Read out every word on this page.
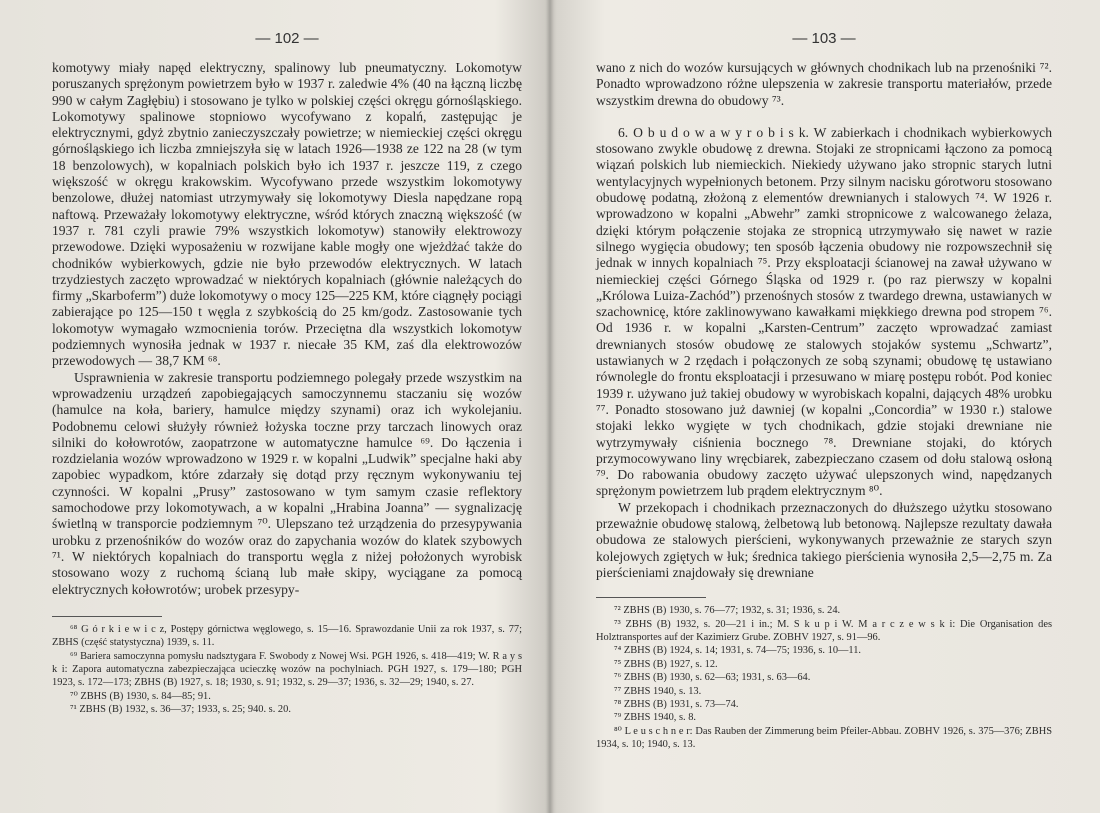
— 102 —

komotywy miały napęd elektryczny, spalinowy lub pneumatyczny. Lokomotyw poruszanych sprężonym powietrzem było w 1937 r. zaledwie 4% (40 na łączną liczbę 990 w całym Zagłębiu) i stosowano je tylko w polskiej części okręgu górnośląskiego. Lokomotywy spalinowe stopniowo wycofywano z kopalń, zastępując je elektrycznymi, gdyż zbytnio zanieczyszczały powietrze; w niemieckiej części okręgu górnośląskiego ich liczba zmniejszyła się w latach 1926—1938 ze 122 na 28 (w tym 18 benzolowych), w kopalniach polskich było ich 1937 r. jeszcze 119, z czego większość w okręgu krakowskim. Wycofywano przede wszystkim lokomotywy benzolowe, dłużej natomiast utrzymywały się lokomotywy Diesla napędzane ropą naftową. Przeważały lokomotywy elektryczne, wśród których znaczną większość (w 1937 r. 781 czyli prawie 79% wszystkich lokomotyw) stanowiły elektrowozy przewodowe. Dzięki wyposażeniu w rozwijane kable mogły one wjeżdżać także do chodników wybierkowych, gdzie nie było przewodów elektrycznych. W latach trzydziestych zaczęto wprowadzać w niektórych kopalniach (głównie należących do firmy „Skarboferm”) duże lokomotywy o mocy 125—225 KM, które ciągnęły pociągi zabierające po 125—150 t węgla z szybkością do 25 km/godz. Zastosowanie tych lokomotyw wymagało wzmocnienia torów. Przeciętna dla wszystkich lokomotyw podziemnych wynosiła jednak w 1937 r. niecałe 35 KM, zaś dla elektrowozów przewodowych — 38,7 KM ⁶⁸.

Usprawnienia w zakresie transportu podziemnego polegały przede wszystkim na wprowadzeniu urządzeń zapobiegających samoczynnemu staczaniu się wozów (hamulce na koła, bariery, hamulce między szynami) oraz ich wykolejaniu. Podobnemu celowi służyły również łożyska toczne przy tarczach linowych oraz silniki do kołowrotów, zaopatrzone w automatyczne hamulce ⁶⁹. Do łączenia i rozdzielania wozów wprowadzono w 1929 r. w kopalni „Ludwik” specjalne haki aby zapobiec wypadkom, które zdarzały się dotąd przy ręcznym wykonywaniu tej czynności. W kopalni „Prusy” zastosowano w tym samym czasie reflektory samochodowe przy lokomotywach, a w kopalni „Hrabina Joanna” — sygnalizację świetlną w transporcie podziemnym ⁷⁰. Ulepszano też urządzenia do przesypywania urobku z przenośników do wozów oraz do zapychania wozów do klatek szybowych ⁷¹. W niektórych kopalniach do transportu węgla z niżej położonych wyrobisk stosowano wozy z ruchomą ścianą lub małe skipy, wyciągane za pomocą elektrycznych kołowrotów; urobek przesypy-

⁶⁸ G ó r k i e w i c z, Postępy górnictwa węglowego, s. 15—16. Sprawozdanie Unii za rok 1937, s. 77; ZBHS (część statystyczna) 1939, s. 11.
⁶⁹ Bariera samoczynna pomysłu nadsztygara F. Swobody z Nowej Wsi. PGH 1926, s. 418—419; W. R a y s k i: Zapora automatyczna zabezpieczająca ucieczkę wozów na pochylniach. PGH 1927, s. 179—180; PGH 1923, s. 172—173; ZBHS (B) 1927, s. 18; 1930, s. 91; 1932, s. 29—37; 1936, s. 32—29; 1940, s. 27.
⁷⁰ ZBHS (B) 1930, s. 84—85; 91.
⁷¹ ZBHS (B) 1932, s. 36—37; 1933, s. 25; 940. s. 20.
— 103 —

wano z nich do wozów kursujących w głównych chodnikach lub na przenośniki ⁷². Ponadto wprowadzono różne ulepszenia w zakresie transportu materiałów, przede wszystkim drewna do obudowy ⁷³.

6. O b u d o w a w y r o b i s k. W zabierkach i chodnikach wybierkowych stosowano zwykle obudowę z drewna. Stojaki ze stropnicami łączono za pomocą wiązań polskich lub niemieckich. Niekiedy używano jako stropnic starych lutni wentylacyjnych wypełnionych betonem. Przy silnym nacisku górotworu stosowano obudowę podatną, złożoną z elementów drewnianych i stalowych ⁷⁴. W 1926 r. wprowadzono w kopalni „Abwehr” zamki stropnicowe z walcowanego żelaza, dzięki którym połączenie stojaka ze stropnicą utrzymywało się nawet w razie silnego wygięcia obudowy; ten sposób łączenia obudowy nie rozpowszechnił się jednak w innych kopalniach ⁷⁵. Przy eksploatacji ścianowej na zawał używano w niemieckiej części Górnego Śląska od 1929 r. (po raz pierwszy w kopalni „Królowa Luiza-Zachód”) przenośnych stosów z twardego drewna, ustawianych w szachownicę, które zaklinowywano kawałkami miękkiego drewna pod stropem ⁷⁶. Od 1936 r. w kopalni „Karsten-Centrum” zaczęto wprowadzać zamiast drewnianych stosów obudowę ze stalowych stojaków systemu „Schwartz”, ustawianych w 2 rzędach i połączonych ze sobą szynami; obudowę tę ustawiano równolegle do frontu eksploatacji i przesuwano w miarę postępu robót. Pod koniec 1939 r. używano już takiej obudowy w wyrobiskach kopalni, dających 48% urobku ⁷⁷. Ponadto stosowano już dawniej (w kopalni „Concordia” w 1930 r.) stalowe stojaki lekko wygięte w tych chodnikach, gdzie stojaki drewniane nie wytrzymywały ciśnienia bocznego ⁷⁸. Drewniane stojaki, do których przymocowywano liny wręcbiarek, zabezpieczano czasem od dołu stalową osłoną ⁷⁹. Do rabowania obudowy zaczęto używać ulepszonych wind, napędzanych sprężonym powietrzem lub prądem elektrycznym ⁸⁰.

W przekopach i chodnikach przeznaczonych do dłuższego użytku stosowano przeważnie obudowę stalową, żelbetową lub betonową. Najlepsze rezultaty dawała obudowa ze stalowych pierścieni, wykonywanych przeważnie ze starych szyn kolejowych zgiętych w łuk; średnica takiego pierścienia wynosiła 2,5—2,75 m. Za pierścieniami znajdowały się drewniane

⁷² ZBHS (B) 1930, s. 76—77; 1932, s. 31; 1936, s. 24.
⁷³ ZBHS (B) 1932, s. 20—21 i in.; M. S k u p i W. M a r c z e w s k i: Die Organisation des Holztransportes auf der Kazimierz Grube. ZOBHV 1927, s. 91—96.
⁷⁴ ZBHS (B) 1924, s. 14; 1931, s. 74—75; 1936, s. 10—11.
⁷⁵ ZBHS (B) 1927, s. 12.
⁷⁶ ZBHS (B) 1930, s. 62—63; 1931, s. 63—64.
⁷⁷ ZBHS 1940, s. 13.
⁷⁸ ZBHS (B) 1931, s. 73—74.
⁷⁹ ZBHS 1940, s. 8.
⁸⁰ L e u s c h n e r: Das Rauben der Zimmerung beim Pfeiler-Abbau. ZOBHV 1926, s. 375—376; ZBHS 1934, s. 10; 1940, s. 13.
